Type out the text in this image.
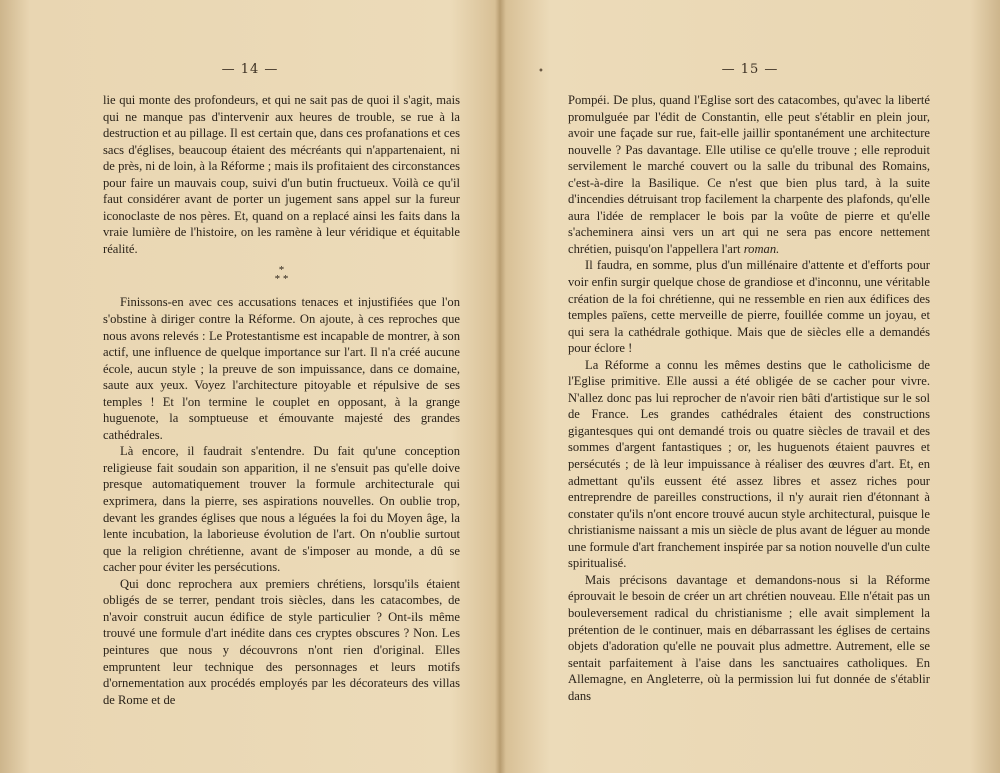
— 14 —

lie qui monte des profondeurs, et qui ne sait pas de quoi il s'agit, mais qui ne manque pas d'intervenir aux heures de trouble, se rue à la destruction et au pillage. Il est certain que, dans ces profanations et ces sacs d'églises, beaucoup étaient des mécréants qui n'appartenaient, ni de près, ni de loin, à la Réforme ; mais ils profitaient des circonstances pour faire un mauvais coup, suivi d'un butin fructueux. Voilà ce qu'il faut considérer avant de porter un jugement sans appel sur la fureur iconoclaste de nos pères. Et, quand on a replacé ainsi les faits dans la vraie lumière de l'histoire, on les ramène à leur véridique et équitable réalité.

*
* *

Finissons-en avec ces accusations tenaces et injustifiées que l'on s'obstine à diriger contre la Réforme. On ajoute, à ces reproches que nous avons relevés : Le Protestantisme est incapable de montrer, à son actif, une influence de quelque importance sur l'art. Il n'a créé aucune école, aucun style ; la preuve de son impuissance, dans ce domaine, saute aux yeux. Voyez l'architecture pitoyable et répulsive de ses temples ! Et l'on termine le couplet en opposant, à la grange huguenote, la somptueuse et émouvante majesté des grandes cathédrales.

Là encore, il faudrait s'entendre. Du fait qu'une conception religieuse fait soudain son apparition, il ne s'ensuit pas qu'elle doive presque automatiquement trouver la formule architecturale qui exprimera, dans la pierre, ses aspirations nouvelles. On oublie trop, devant les grandes églises que nous a léguées la foi du Moyen âge, la lente incubation, la laborieuse évolution de l'art. On n'oublie surtout que la religion chrétienne, avant de s'imposer au monde, a dû se cacher pour éviter les persécutions.

Qui donc reprochera aux premiers chrétiens, lorsqu'ils étaient obligés de se terrer, pendant trois siècles, dans les catacombes, de n'avoir construit aucun édifice de style particulier ? Ont-ils même trouvé une formule d'art inédite dans ces cryptes obscures ? Non. Les peintures que nous y découvrons n'ont rien d'original. Elles empruntent leur technique des personnages et leurs motifs d'ornementation aux procédés employés par les décorateurs des villas de Rome et de

•	— 15 —

Pompéi. De plus, quand l'Eglise sort des catacombes, qu'avec la liberté promulguée par l'édit de Constantin, elle peut s'établir en plein jour, avoir une façade sur rue, fait-elle jaillir spontanément une architecture nouvelle ? Pas davantage. Elle utilise ce qu'elle trouve ; elle reproduit servilement le marché couvert ou la salle du tribunal des Romains, c'est-à-dire la Basilique. Ce n'est que bien plus tard, à la suite d'incendies détruisant trop facilement la charpente des plafonds, qu'elle aura l'idée de remplacer le bois par la voûte de pierre et qu'elle s'acheminera ainsi vers un art qui ne sera pas encore nettement chrétien, puisqu'on l'appellera l'art roman.

Il faudra, en somme, plus d'un millénaire d'attente et d'efforts pour voir enfin surgir quelque chose de grandiose et d'inconnu, une véritable création de la foi chrétienne, qui ne ressemble en rien aux édifices des temples païens, cette merveille de pierre, fouillée comme un joyau, et qui sera la cathédrale gothique. Mais que de siècles elle a demandés pour éclore !

La Réforme a connu les mêmes destins que le catholicisme de l'Eglise primitive. Elle aussi a été obligée de se cacher pour vivre. N'allez donc pas lui reprocher de n'avoir rien bâti d'artistique sur le sol de France. Les grandes cathédrales étaient des constructions gigantesques qui ont demandé trois ou quatre siècles de travail et des sommes d'argent fantastiques ; or, les huguenots étaient pauvres et persécutés ; de là leur impuissance à réaliser des œuvres d'art. Et, en admettant qu'ils eussent été assez libres et assez riches pour entreprendre de pareilles constructions, il n'y aurait rien d'étonnant à constater qu'ils n'ont encore trouvé aucun style architectural, puisque le christianisme naissant a mis un siècle de plus avant de léguer au monde une formule d'art franchement inspirée par sa notion nouvelle d'un culte spiritualisé.

Mais précisons davantage et demandons-nous si la Réforme éprouvait le besoin de créer un art chrétien nouveau. Elle n'était pas un bouleversement radical du christianisme ; elle avait simplement la prétention de le continuer, mais en débarrassant les églises de certains objets d'adoration qu'elle ne pouvait plus admettre. Autrement, elle se sentait parfaitement à l'aise dans les sanctuaires catholiques. En Allemagne, en Angleterre, où la permission lui fut donnée de s'établir dans
